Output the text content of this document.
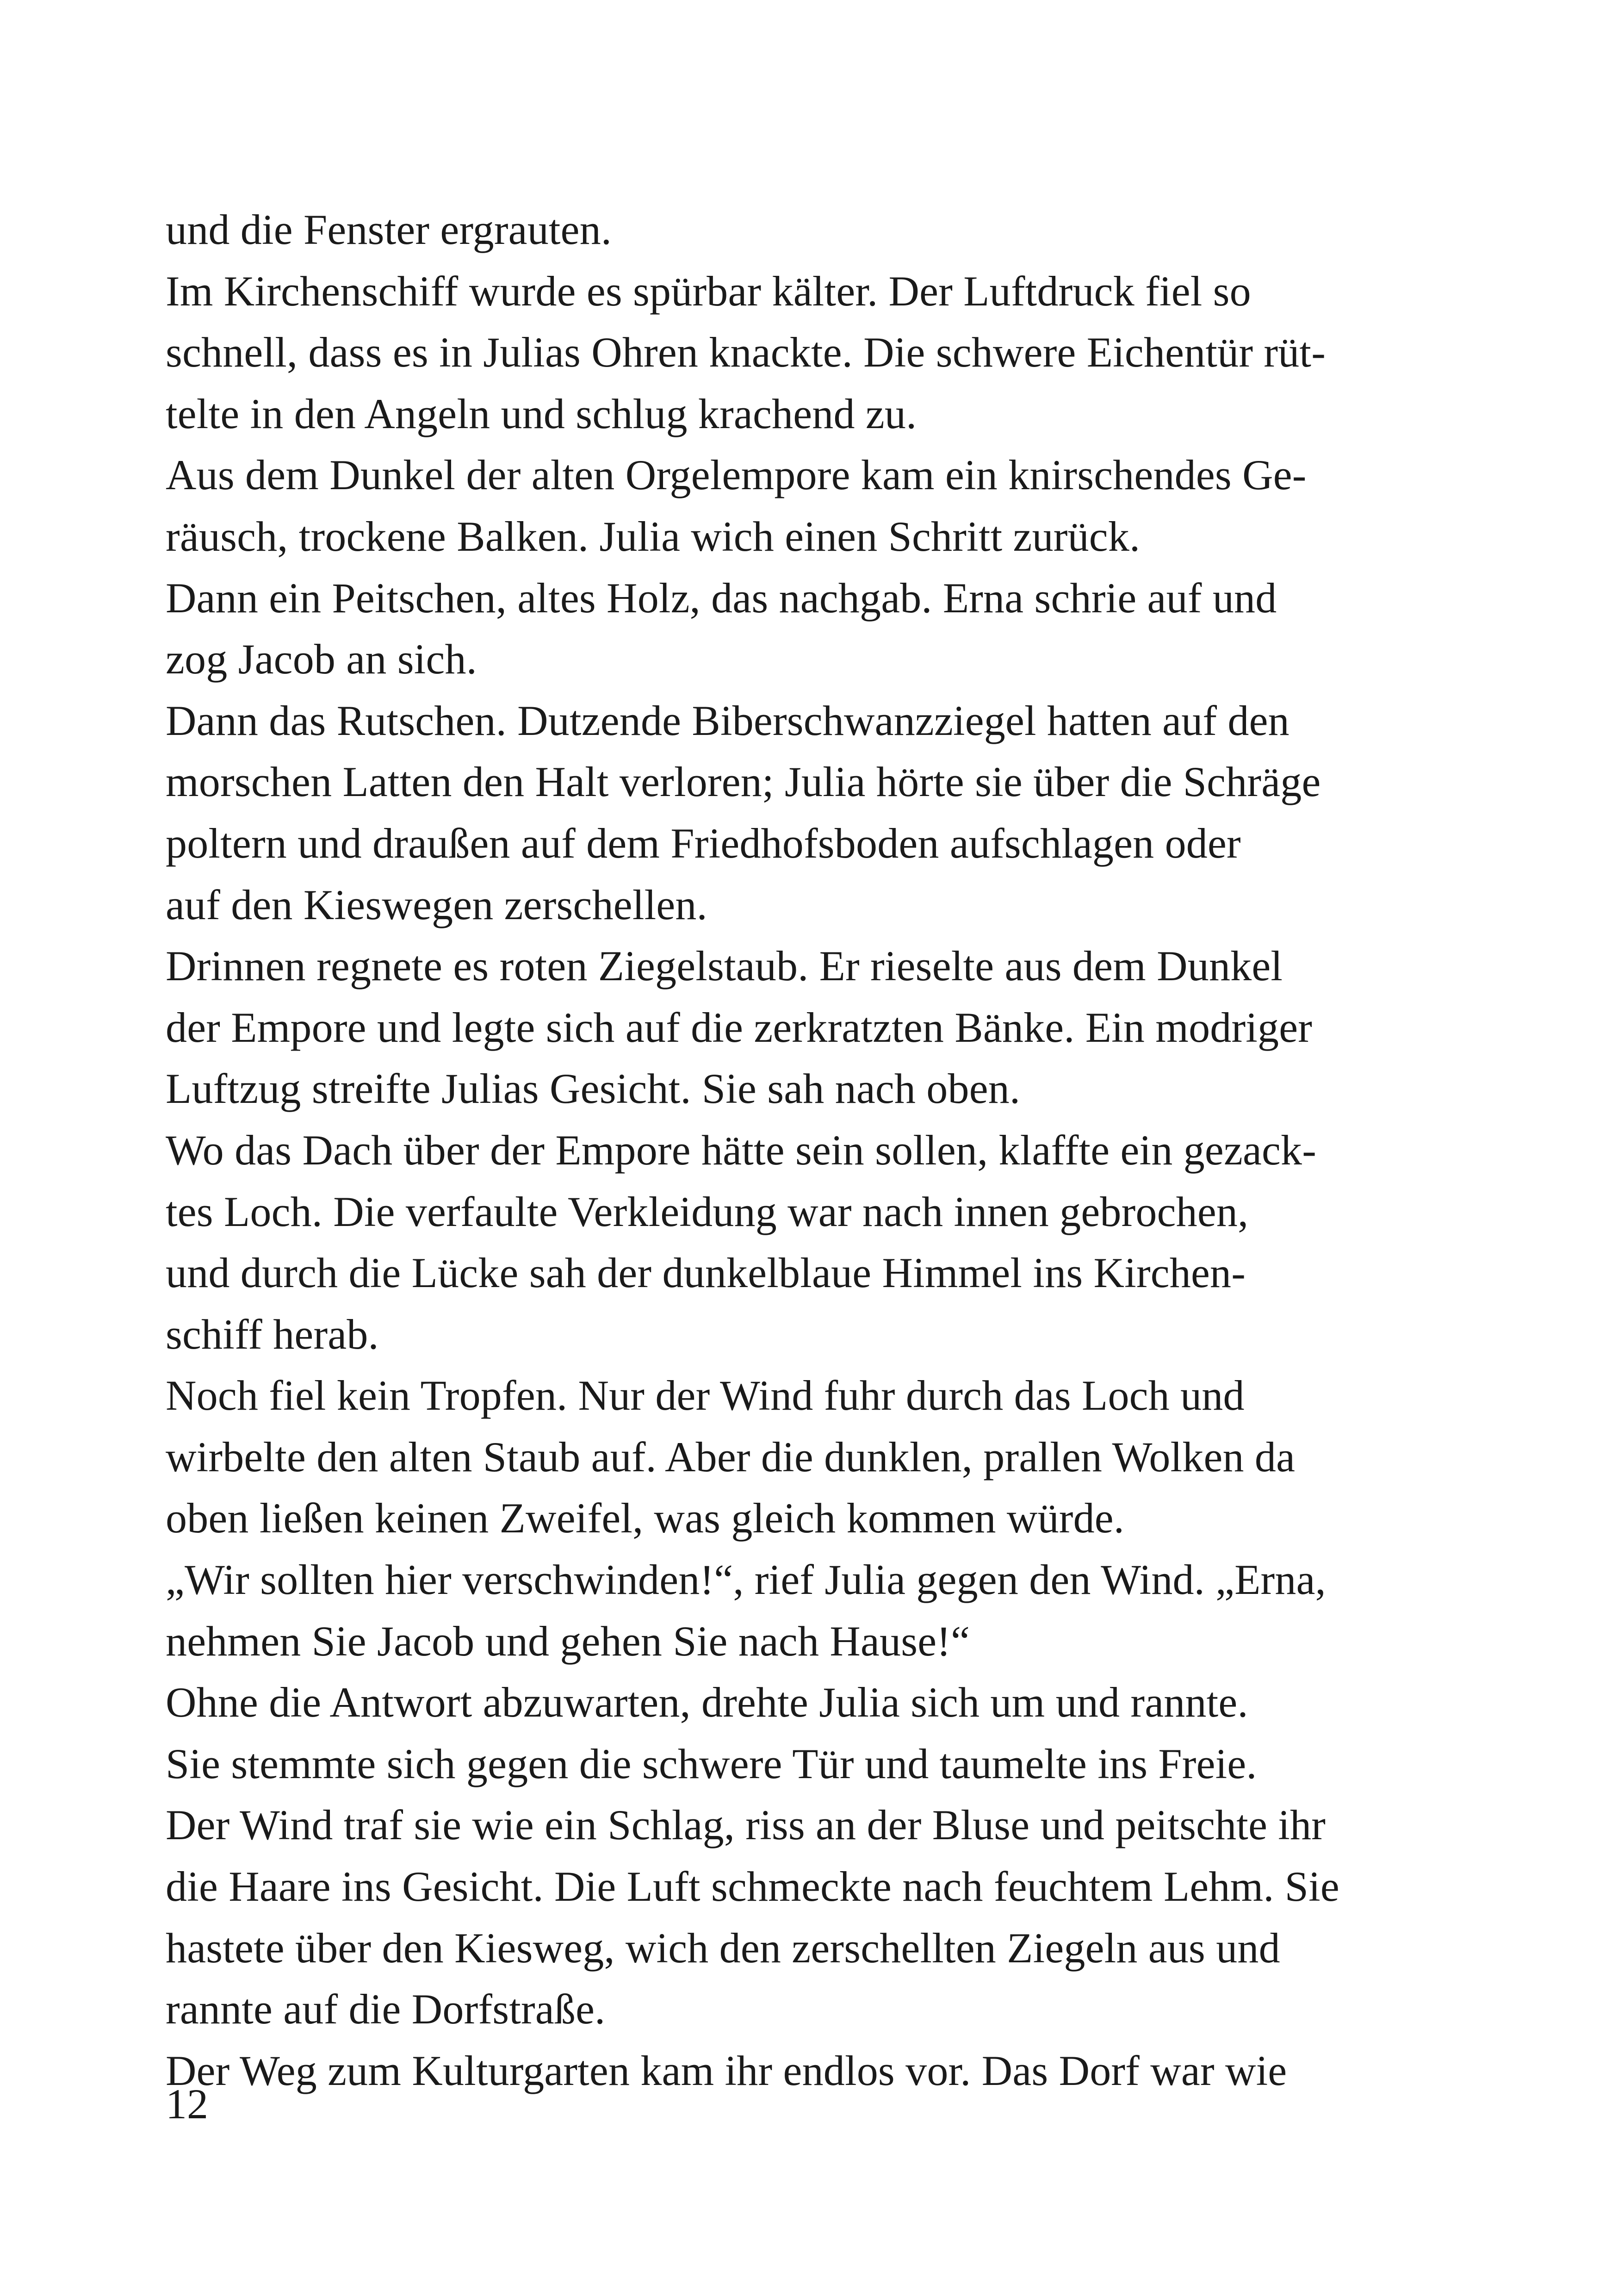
und die Fenster ergrauten.
Im Kirchenschiff wurde es spürbar kälter. Der Luftdruck fiel so
schnell, dass es in Julias Ohren knackte. Die schwere Eichentür rüt-
telte in den Angeln und schlug krachend zu.
Aus dem Dunkel der alten Orgelempore kam ein knirschendes Ge-
räusch, trockene Balken. Julia wich einen Schritt zurück.
Dann ein Peitschen, altes Holz, das nachgab. Erna schrie auf und
zog Jacob an sich.
Dann das Rutschen. Dutzende Biberschwanzziegel hatten auf den
morschen Latten den Halt verloren; Julia hörte sie über die Schräge
poltern und draußen auf dem Friedhofsboden aufschlagen oder
auf den Kieswegen zerschellen.
Drinnen regnete es roten Ziegelstaub. Er rieselte aus dem Dunkel
der Empore und legte sich auf die zerkratzten Bänke. Ein modriger
Luftzug streifte Julias Gesicht. Sie sah nach oben.
Wo das Dach über der Empore hätte sein sollen, klaffte ein gezack-
tes Loch. Die verfaulte Verkleidung war nach innen gebrochen,
und durch die Lücke sah der dunkelblaue Himmel ins Kirchen-
schiff herab.
Noch fiel kein Tropfen. Nur der Wind fuhr durch das Loch und
wirbelte den alten Staub auf. Aber die dunklen, prallen Wolken da
oben ließen keinen Zweifel, was gleich kommen würde.
„Wir sollten hier verschwinden!“, rief Julia gegen den Wind. „Erna,
nehmen Sie Jacob und gehen Sie nach Hause!“
Ohne die Antwort abzuwarten, drehte Julia sich um und rannte.
Sie stemmte sich gegen die schwere Tür und taumelte ins Freie.
Der Wind traf sie wie ein Schlag, riss an der Bluse und peitschte ihr
die Haare ins Gesicht. Die Luft schmeckte nach feuchtem Lehm. Sie
hastete über den Kiesweg, wich den zerschellten Ziegeln aus und
rannte auf die Dorfstraße.
Der Weg zum Kulturgarten kam ihr endlos vor. Das Dorf war wie
12
